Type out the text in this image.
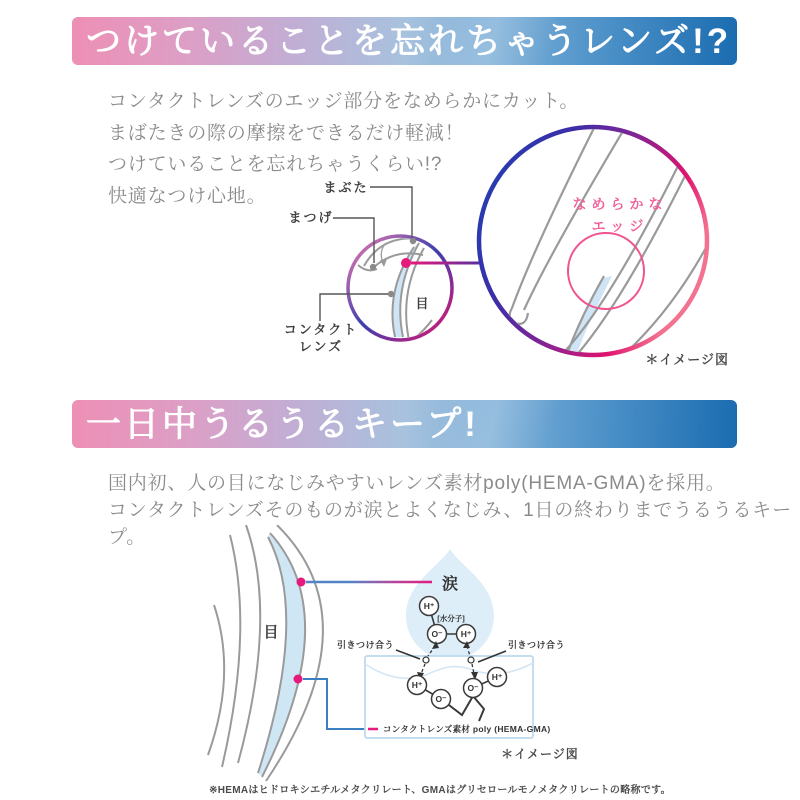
つけていることを忘れちゃうレンズ!?
コンタクトレンズのエッジ部分をなめらかにカット。
まばたきの際の摩擦をできるだけ軽減！
つけていることを忘れちゃうくらい!?
快適なつけ心地。	まぶた
まつげ
目
コンタクト
レンズ
なめらかな
エッジ
＊イメージ図
一日中うるうるキープ!
国内初、人の目になじみやすいレンズ素材poly(HEMA-GMA)を採用。
コンタクトレンズそのものが涙とよくなじみ、1日の終わりまでうるうるキープ。
目
涙
H⁺
O⁻ H⁺
[水分子]
引きつけ合う	引きつけ合う
H⁺
O⁻
O⁻
H⁺
コンタクトレンズ素材 poly (HEMA-GMA)
＊イメージ図
※HEMAはヒドロキシエチルメタクリレート、GMAはグリセロールモノメタクリレートの略称です。
